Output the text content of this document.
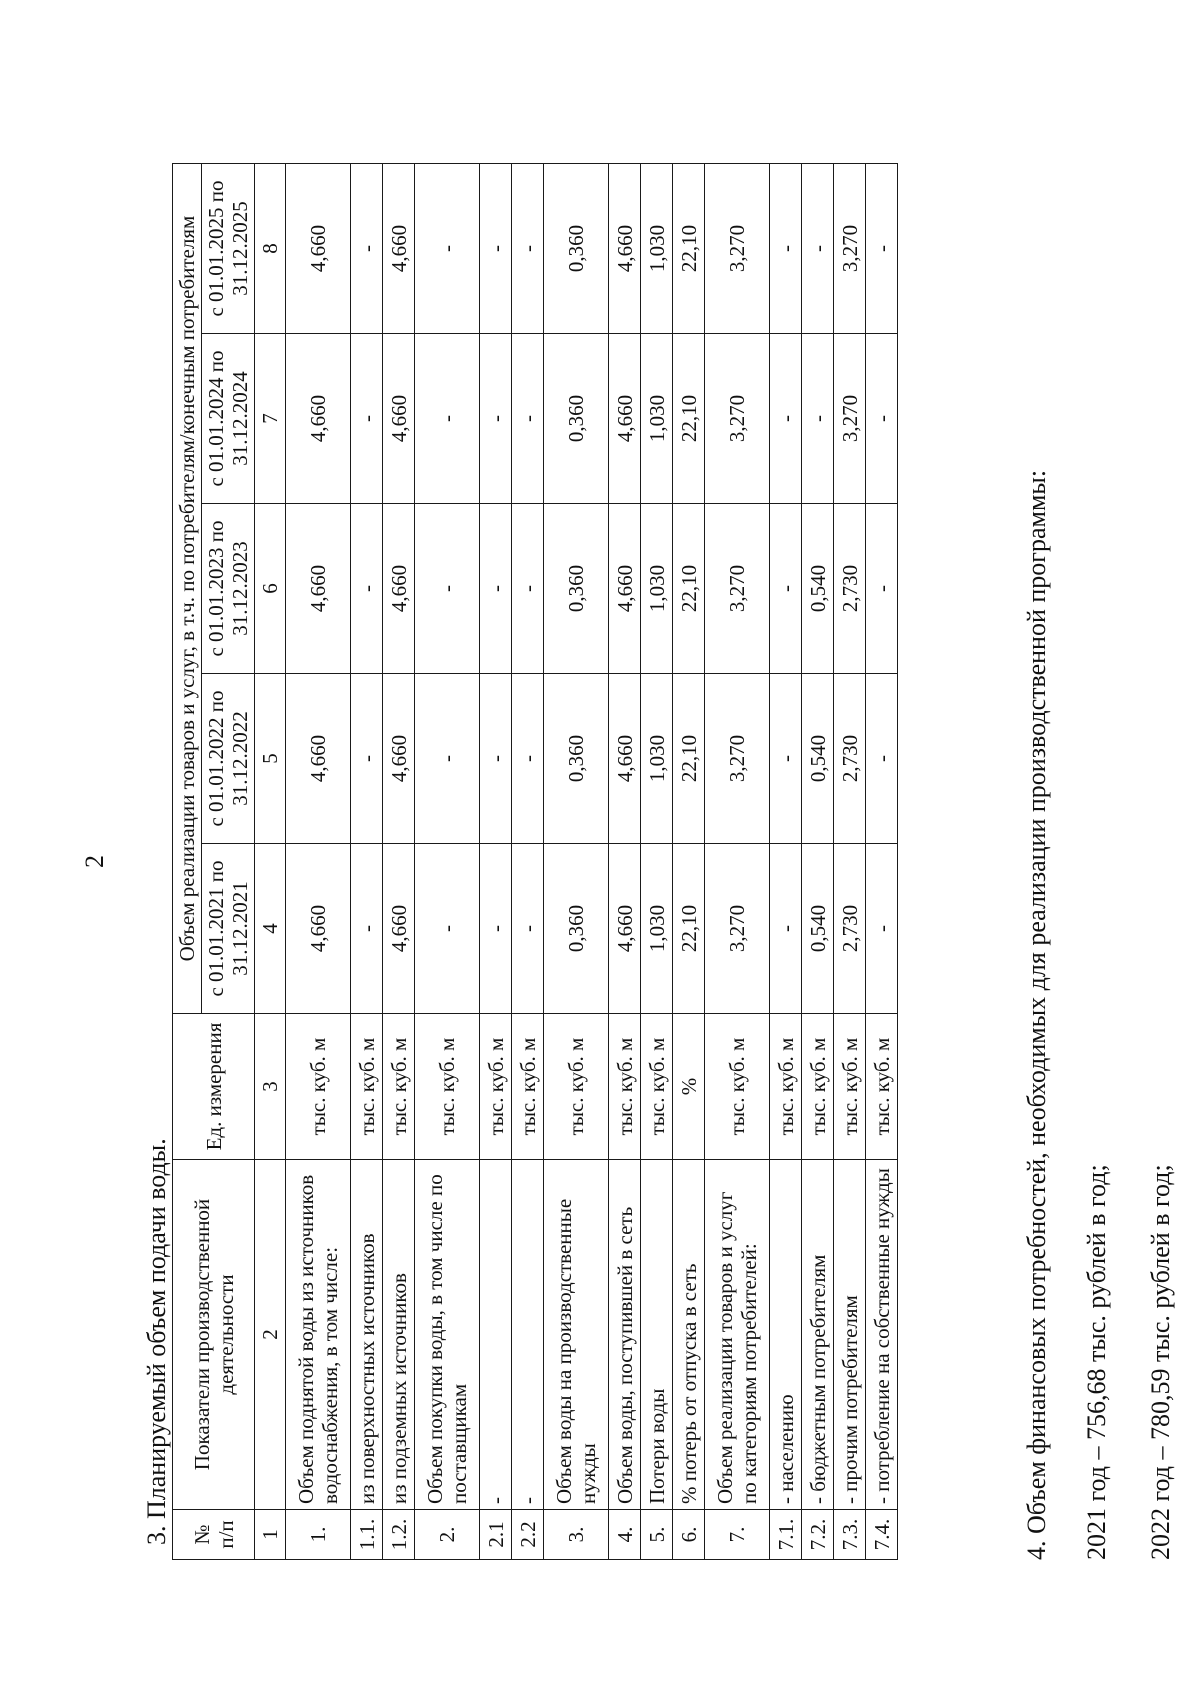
2
3. Планируемый объем подачи воды. № п/п	Показатели производственной деятельности	Ед. измерения	Объем реализации товаров и услуг, в т.ч. по потребителям/конечным потребителям				
			с 01.01.2021 по 31.12.2021	с 01.01.2022 по 31.12.2022	с 01.01.2023 по 31.12.2023	с 01.01.2024 по 31.12.2024	с 01.01.2025 по 31.12.2025
1	2	3	4	5	6	7	8
1.	Объем поднятой воды из источников водоснабжения, в том числе:	тыс. куб. м	4,660	4,660	4,660	4,660	4,660
1.1.	из поверхностных источников	тыс. куб. м	-	-	-	-	-
1.2.	из подземных источников	тыс. куб. м	4,660	4,660	4,660	4,660	4,660
2.	Объем покупки воды, в том числе по поставщикам	тыс. куб. м	-	-	-	-	-
2.1	-	тыс. куб. м	-	-	-	-	-
2.2	-	тыс. куб. м	-	-	-	-	-
3.	Объем воды на производственные нужды	тыс. куб. м	0,360	0,360	0,360	0,360	0,360
4.	Объем воды, поступившей в сеть	тыс. куб. м	4,660	4,660	4,660	4,660	4,660
5.	Потери воды	тыс. куб. м	1,030	1,030	1,030	1,030	1,030
6.	% потерь от отпуска в сеть	%	22,10	22,10	22,10	22,10	22,10
7.	Объем реализации товаров и услуг по категориям потребителей:	тыс. куб. м	3,270	3,270	3,270	3,270	3,270
7.1.	- населению	тыс. куб. м	-	-	-	-	-
7.2.	- бюджетным потребителям	тыс. куб. м	0,540	0,540	0,540	-	-
7.3.	- прочим потребителям	тыс. куб. м	2,730	2,730	2,730	3,270	3,270
7.4.	- потребление на собственные нужды	тыс. куб. м	-	-	-	-	-
4. Объем финансовых потребностей, необходимых для реализации производственной программы: 2021 год – 756,68 тыс. рублей в год; 2022 год – 780,59 тыс. рублей в год;
